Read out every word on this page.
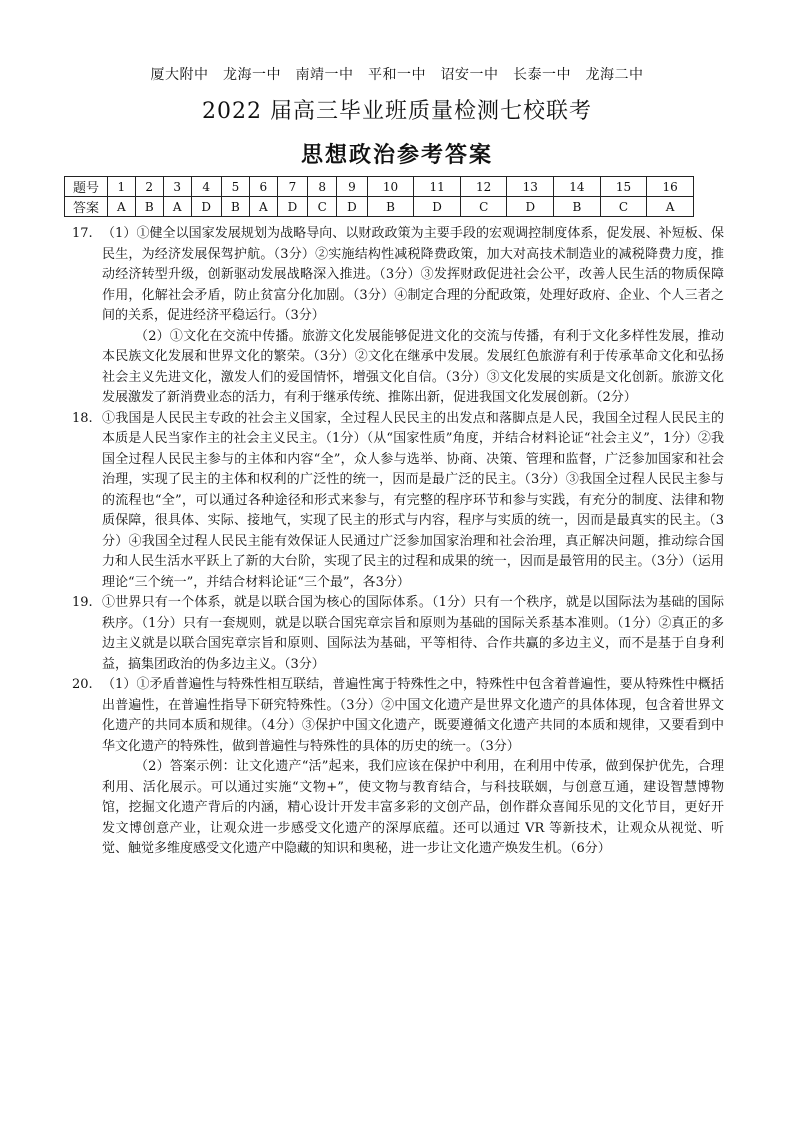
厦大附中　龙海一中　南靖一中　平和一中　诏安一中　长泰一中　龙海二中
2022 届高三毕业班质量检测七校联考
思想政治参考答案
题号	1	2	3	4	5	6	7	8	9	10	11	12	13	14	15	16
答案	A	B	A	D	B	A	D	C	D	B	D	C	D	B	C	A

17. （1）①健全以国家发展规划为战略导向、以财政政策为主要手段的宏观调控制度体系，促发展、补短板、保民生，为经济发展保驾护航。（3分）②实施结构性减税降费政策，加大对高技术制造业的减税降费力度，推动经济转型升级，创新驱动发展战略深入推进。（3分）③发挥财政促进社会公平，改善人民生活的物质保障作用，化解社会矛盾，防止贫富分化加剧。（3分）④制定合理的分配政策，处理好政府、企业、个人三者之间的关系，促进经济平稳运行。（3分）

（2）①文化在交流中传播。旅游文化发展能够促进文化的交流与传播，有利于文化多样性发展，推动本民族文化发展和世界文化的繁荣。（3分）②文化在继承中发展。发展红色旅游有利于传承革命文化和弘扬社会主义先进文化，激发人们的爱国情怀，增强文化自信。（3分）③文化发展的实质是文化创新。旅游文化发展激发了新消费业态的活力，有利于继承传统、推陈出新，促进我国文化发展创新。（2分）

18. ①我国是人民民主专政的社会主义国家，全过程人民民主的出发点和落脚点是人民，我国全过程人民民主的本质是人民当家作主的社会主义民主。（1分）（从“国家性质”角度，并结合材料论证“社会主义”，1分）②我国全过程人民民主参与的主体和内容“全”，众人参与选举、协商、决策、管理和监督，广泛参加国家和社会治理，实现了民主的主体和权利的广泛性的统一，因而是最广泛的民主。（3分）③我国全过程人民民主参与的流程也“全”，可以通过各种途径和形式来参与，有完整的程序环节和参与实践，有充分的制度、法律和物质保障，很具体、实际、接地气，实现了民主的形式与内容，程序与实质的统一，因而是最真实的民主。（3分）④我国全过程人民民主能有效保证人民通过广泛参加国家治理和社会治理，真正解决问题，推动综合国力和人民生活水平跃上了新的大台阶，实现了民主的过程和成果的统一，因而是最管用的民主。（3分）（运用理论“三个统一”，并结合材料论证“三个最”，各3分）

19. ①世界只有一个体系，就是以联合国为核心的国际体系。（1分）只有一个秩序，就是以国际法为基础的国际秩序。（1分）只有一套规则，就是以联合国宪章宗旨和原则为基础的国际关系基本准则。（1分）②真正的多边主义就是以联合国宪章宗旨和原则、国际法为基础，平等相待、合作共赢的多边主义，而不是基于自身利益，搞集团政治的伪多边主义。（3分）

20. （1）①矛盾普遍性与特殊性相互联结，普遍性寓于特殊性之中，特殊性中包含着普遍性，要从特殊性中概括出普遍性，在普遍性指导下研究特殊性。（3分）②中国文化遗产是世界文化遗产的具体体现，包含着世界文化遗产的共同本质和规律。（4分）③保护中国文化遗产，既要遵循文化遗产共同的本质和规律，又要看到中华文化遗产的特殊性，做到普遍性与特殊性的具体的历史的统一。（3分）

（2）答案示例：让文化遗产“活”起来，我们应该在保护中利用，在利用中传承，做到保护优先，合理利用、活化展示。可以通过实施“文物+”，使文物与教育结合，与科技联姻，与创意互通，建设智慧博物馆，挖掘文化遗产背后的内涵，精心设计开发丰富多彩的文创产品，创作群众喜闻乐见的文化节目，更好开发文博创意产业，让观众进一步感受文化遗产的深厚底蕴。还可以通过 VR 等新技术，让观众从视觉、听觉、触觉多维度感受文化遗产中隐藏的知识和奥秘，进一步让文化遗产焕发生机。（6分）
